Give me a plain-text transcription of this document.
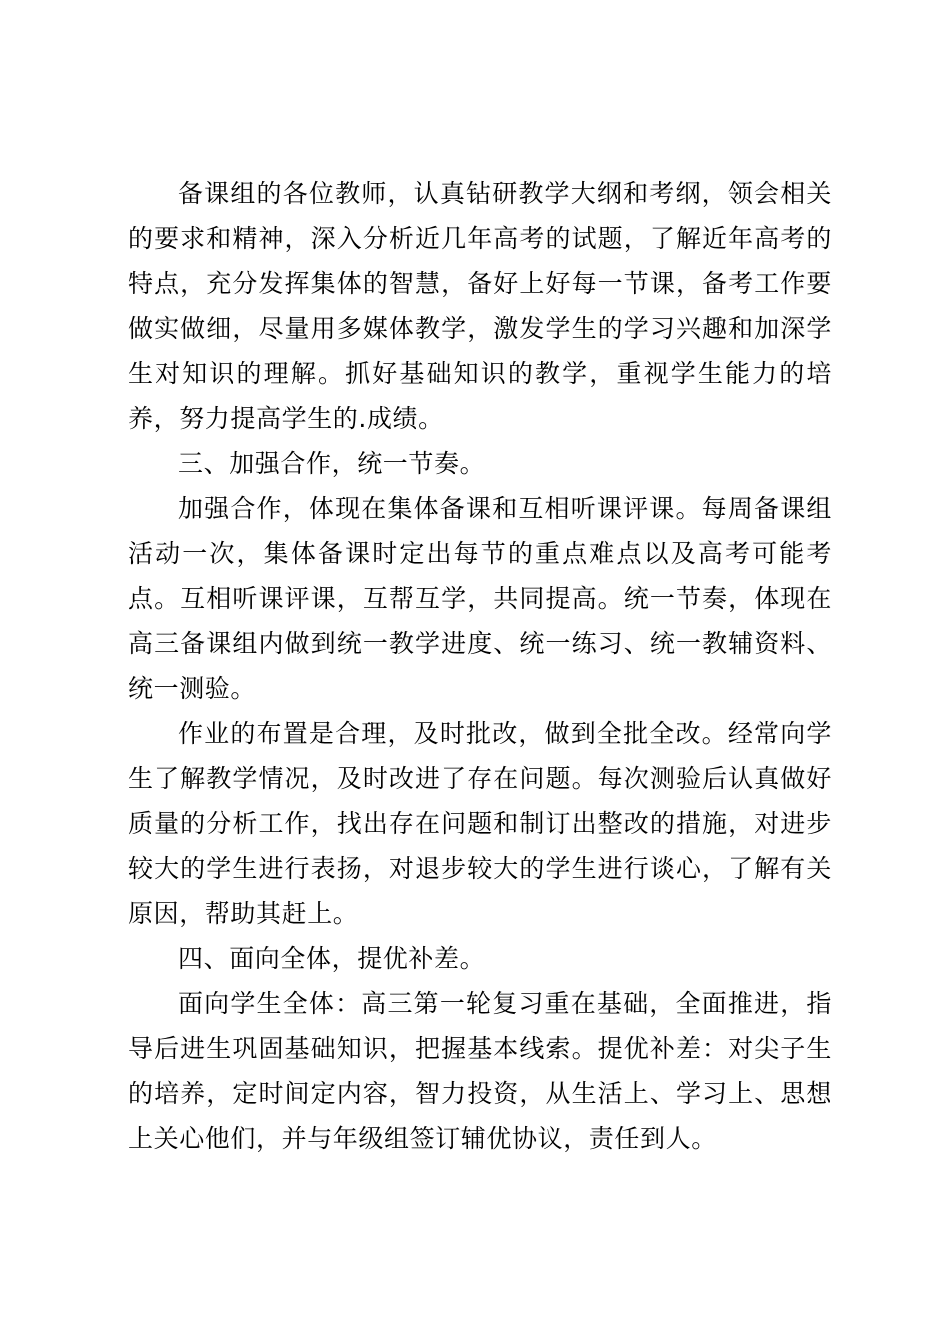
备课组的各位教师，认真钻研教学大纲和考纲，领会相关的要求和精神，深入分析近几年高考的试题，了解近年高考的特点，充分发挥集体的智慧，备好上好每一节课，备考工作要做实做细，尽量用多媒体教学，激发学生的学习兴趣和加深学生对知识的理解。抓好基础知识的教学，重视学生能力的培养，努力提高学生的.成绩。

三、加强合作，统一节奏。

加强合作，体现在集体备课和互相听课评课。每周备课组活动一次，集体备课时定出每节的重点难点以及高考可能考点。互相听课评课，互帮互学，共同提高。统一节奏，体现在高三备课组内做到统一教学进度、统一练习、统一教辅资料、统一测验。

作业的布置是合理，及时批改，做到全批全改。经常向学生了解教学情况，及时改进了存在问题。每次测验后认真做好质量的分析工作，找出存在问题和制订出整改的措施，对进步较大的学生进行表扬，对退步较大的学生进行谈心，了解有关原因，帮助其赶上。

四、面向全体，提优补差。

面向学生全体：高三第一轮复习重在基础，全面推进，指导后进生巩固基础知识，把握基本线索。提优补差：对尖子生的培养，定时间定内容，智力投资，从生活上、学习上、思想上关心他们，并与年级组签订辅优协议，责任到人。
